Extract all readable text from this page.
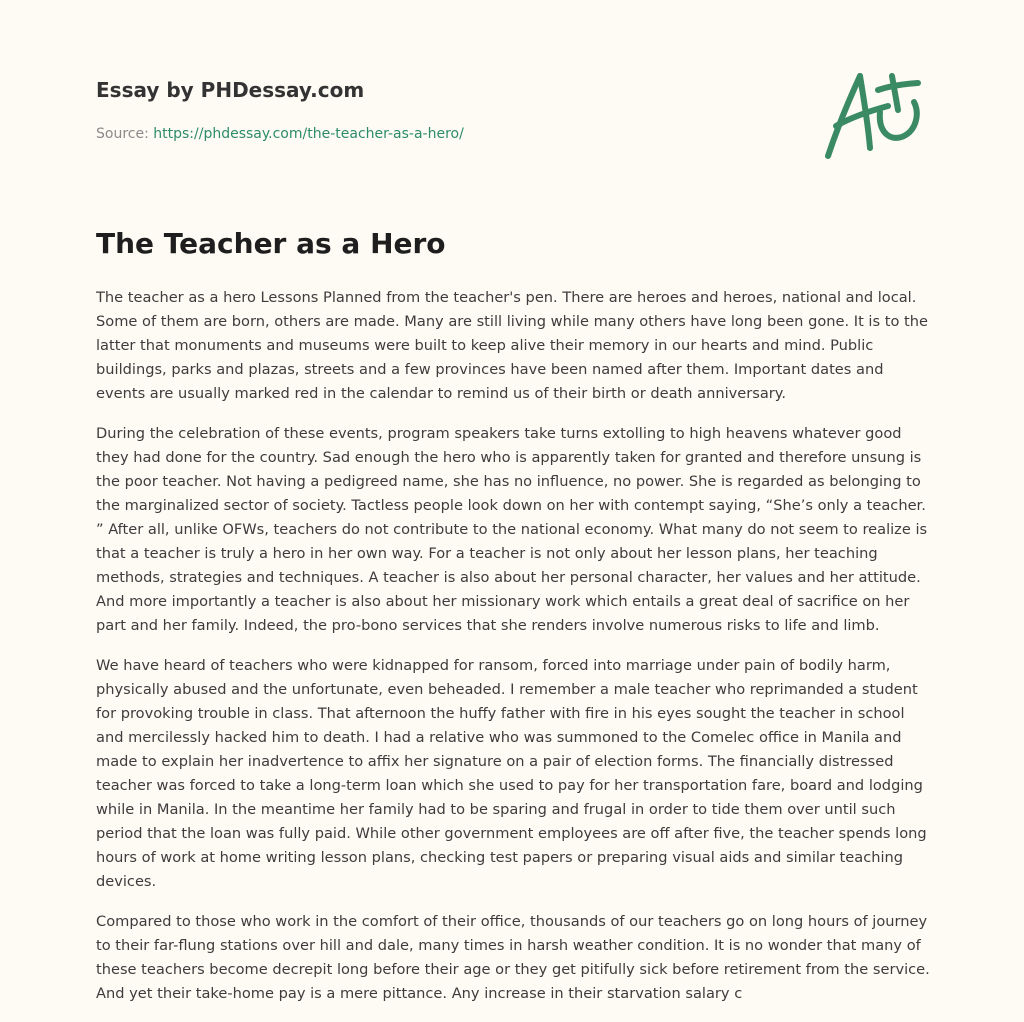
Essay by PHDessay.com
Source: https://phdessay.com/the-teacher-as-a-hero/
The Teacher as a Hero

The teacher as a hero Lessons Planned from the teacher's pen. There are heroes and heroes, national and local. Some of them are born, others are made. Many are still living while many others have long been gone. It is to the latter that monuments and museums were built to keep alive their memory in our hearts and mind. Public buildings, parks and plazas, streets and a few provinces have been named after them. Important dates and events are usually marked red in the calendar to remind us of their birth or death anniversary.

During the celebration of these events, program speakers take turns extolling to high heavens whatever good they had done for the country. Sad enough the hero who is apparently taken for granted and therefore unsung is the poor teacher. Not having a pedigreed name, she has no influence, no power. She is regarded as belonging to the marginalized sector of society. Tactless people look down on her with contempt saying, “She’s only a teacher. ” After all, unlike OFWs, teachers do not contribute to the national economy. What many do not seem to realize is that a teacher is truly a hero in her own way. For a teacher is not only about her lesson plans, her teaching methods, strategies and techniques. A teacher is also about her personal character, her values and her attitude. And more importantly a teacher is also about her missionary work which entails a great deal of sacrifice on her part and her family. Indeed, the pro-bono services that she renders involve numerous risks to life and limb.

We have heard of teachers who were kidnapped for ransom, forced into marriage under pain of bodily harm, physically abused and the unfortunate, even beheaded. I remember a male teacher who reprimanded a student for provoking trouble in class. That afternoon the huffy father with fire in his eyes sought the teacher in school and mercilessly hacked him to death. I had a relative who was summoned to the Comelec office in Manila and made to explain her inadvertence to affix her signature on a pair of election forms. The financially distressed teacher was forced to take a long-term loan which she used to pay for her transportation fare, board and lodging while in Manila. In the meantime her family had to be sparing and frugal in order to tide them over until such period that the loan was fully paid. While other government employees are off after five, the teacher spends long hours of work at home writing lesson plans, checking test papers or preparing visual aids and similar teaching devices.

Compared to those who work in the comfort of their office, thousands of our teachers go on long hours of journey to their far-flung stations over hill and dale, many times in harsh weather condition. It is no wonder that many of these teachers become decrepit long before their age or they get pitifully sick before retirement from the service. And yet their take-home pay is a mere pittance. Any increase in their starvation salary c
